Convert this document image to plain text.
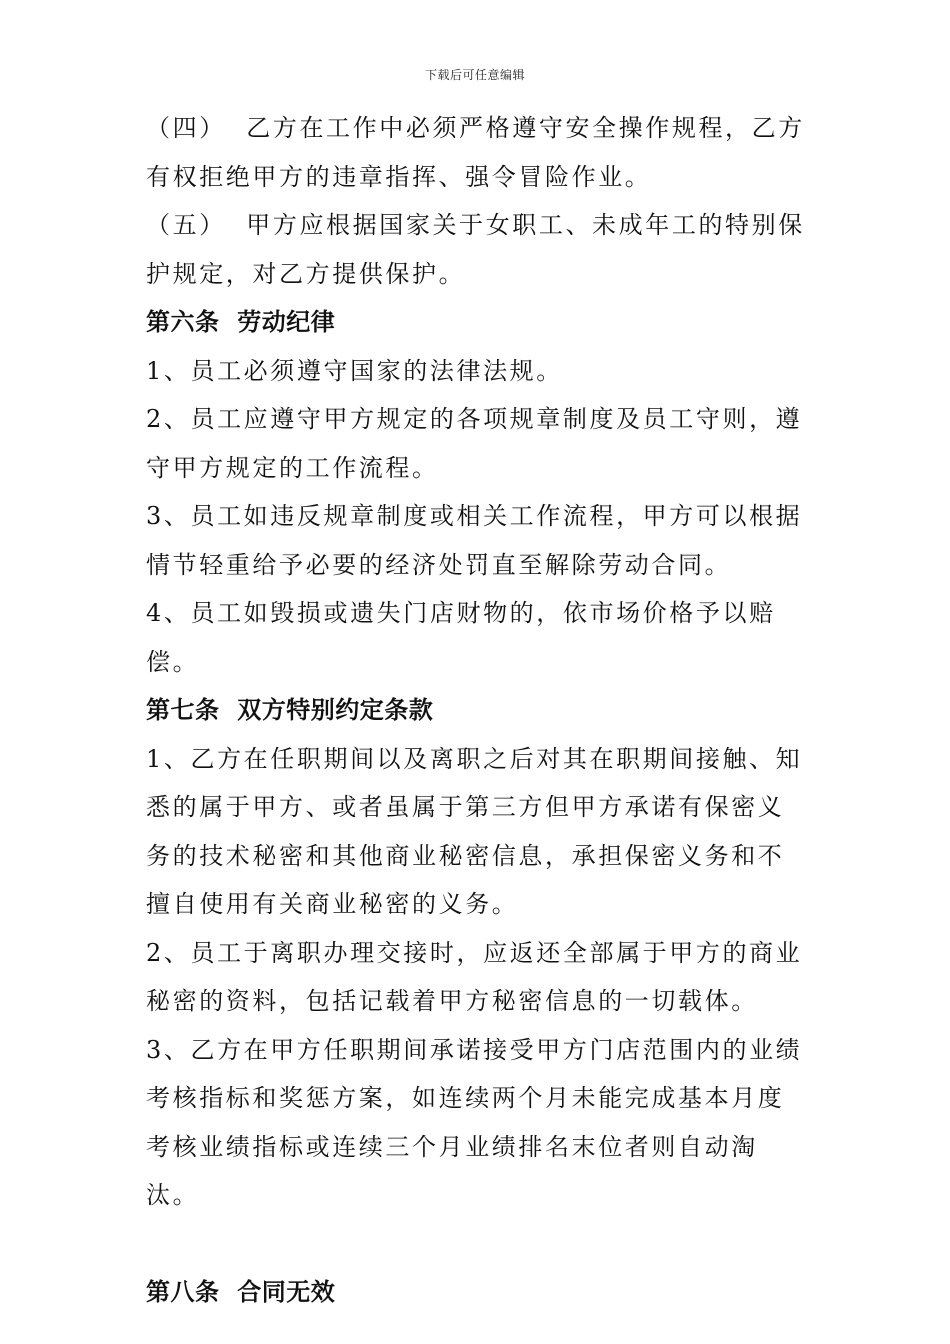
下载后可任意编辑

（四）  乙方在工作中必须严格遵守安全操作规程，乙方有权拒绝甲方的违章指挥、强令冒险作业。

（五）  甲方应根据国家关于女职工、未成年工的特别保护规定，对乙方提供保护。

第六条  劳动纪律

1、员工必须遵守国家的法律法规。

2、员工应遵守甲方规定的各项规章制度及员工守则，遵守甲方规定的工作流程。

3、员工如违反规章制度或相关工作流程，甲方可以根据情节轻重给予必要的经济处罚直至解除劳动合同。

4、员工如毁损或遗失门店财物的，依市场价格予以赔偿。

第七条  双方特别约定条款

1、乙方在任职期间以及离职之后对其在职期间接触、知悉的属于甲方、或者虽属于第三方但甲方承诺有保密义务的技术秘密和其他商业秘密信息，承担保密义务和不擅自使用有关商业秘密的义务。

2、员工于离职办理交接时，应返还全部属于甲方的商业秘密的资料，包括记载着甲方秘密信息的一切载体。

3、乙方在甲方任职期间承诺接受甲方门店范围内的业绩考核指标和奖惩方案，如连续两个月未能完成基本月度考核业绩指标或连续三个月业绩排名末位者则自动淘汰。

第八条  合同无效
